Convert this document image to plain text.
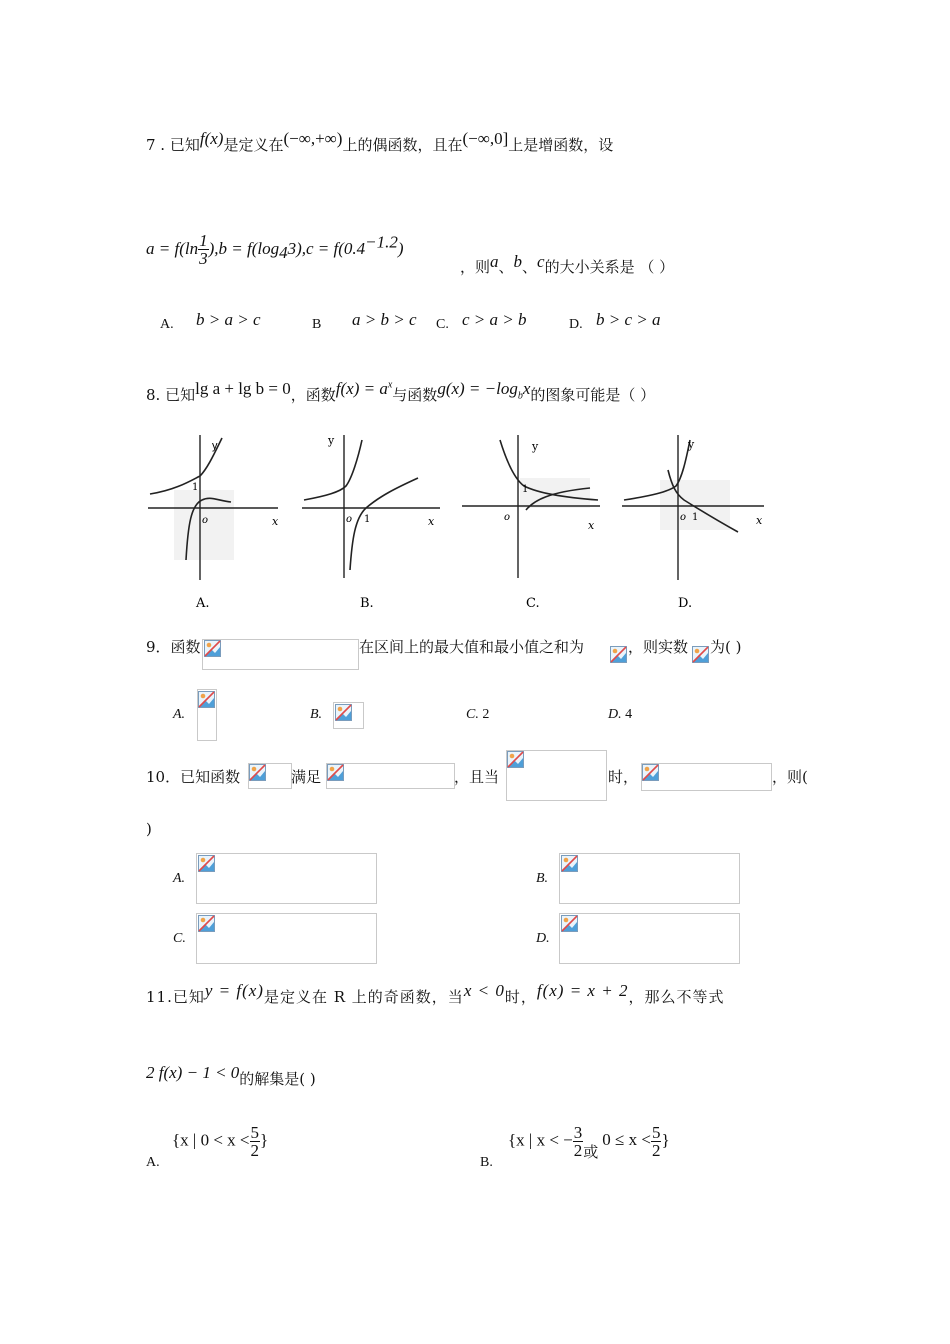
7 . 已知f(x)是定义在(−∞,+∞)上的偶函数，且在(−∞,0]上是增函数，设
$a = f(\ln \frac{1}{3} ),b = f(\log_43),c = f(0.4^{-1.2})$
，则a、b、c的大小关系是 （ ）
A. b > a > c	B a > b > c C. c > a > b	D. b > c > a
8. 已知lg a + lg b = 0，函数$f(x) = a^x$与函数$g(x) = -\log_bx$的图象可能是（ ）
y
x
o
1
A.
y
x
o 1
B.
y
x
o
1
C.
y
x
o 1
D.
9．函数	在区间上的最大值和最小值之和为	，则实数 为( )
A.	B.	C. 2	D. 4
10．已知函数	满足	，且当	时，	，则(
)
A.	B.
C.	D.
11.已知y = f(x)是定义在 R 上的奇函数，当x < 0时，f(x) = x + 2，那么不等式
2 f(x) − 1 < 0的解集是( )
A.
{x | $0 < x < \frac{5}{2}$ }
B.
{x | x < − $\frac{3}{2}$ 或$0 \le x < \frac{5}{2}$ }
